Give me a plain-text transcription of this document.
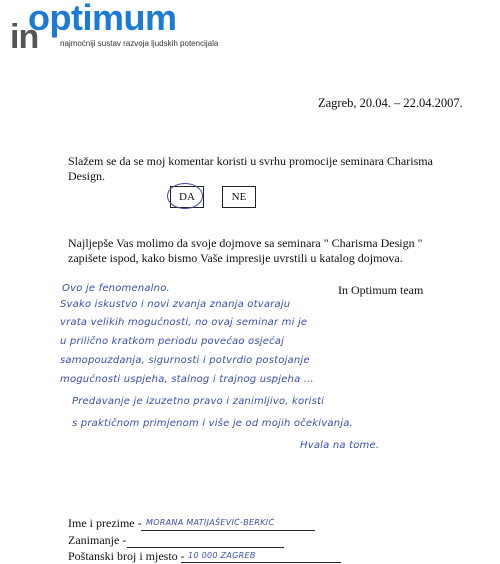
optimum
in	najmoćniji sustav razvoja ljudskih potencijala
Zagreb, 20.04. – 22.04.2007.
Slažem se da se moj komentar koristi u svrhu promocije seminara Charisma Design.
DA	NE
Najljepše Vas molimo da svoje dojmove sa seminara " Charisma Design " zapišete ispod, kako bismo Vaše impresije uvrstili u katalog dojmova.
In Optimum team
Ovo je fenomenalno.
Svako iskustvo i novi zvanja znanja otvaraju
vrata velikih mogućnosti, no ovaj seminar mi je
u prilično kratkom periodu povećao osjećaj
samopouzdanja, sigurnosti i potvrdio postojanje
mogućnosti uspjeha, stalnog i trajnog uspjeha ...
Predavanje je izuzetno pravo i zanimljivo, koristi
s praktičnom primjenom i više je od mojih očekivanja.
Hvala na tome.
Ime i prezime - MORANA MATIJAŠEVIĆ-BERKIĆ
Zanimanje -
Poštanski broj i mjesto - 10 000 ZAGREB
